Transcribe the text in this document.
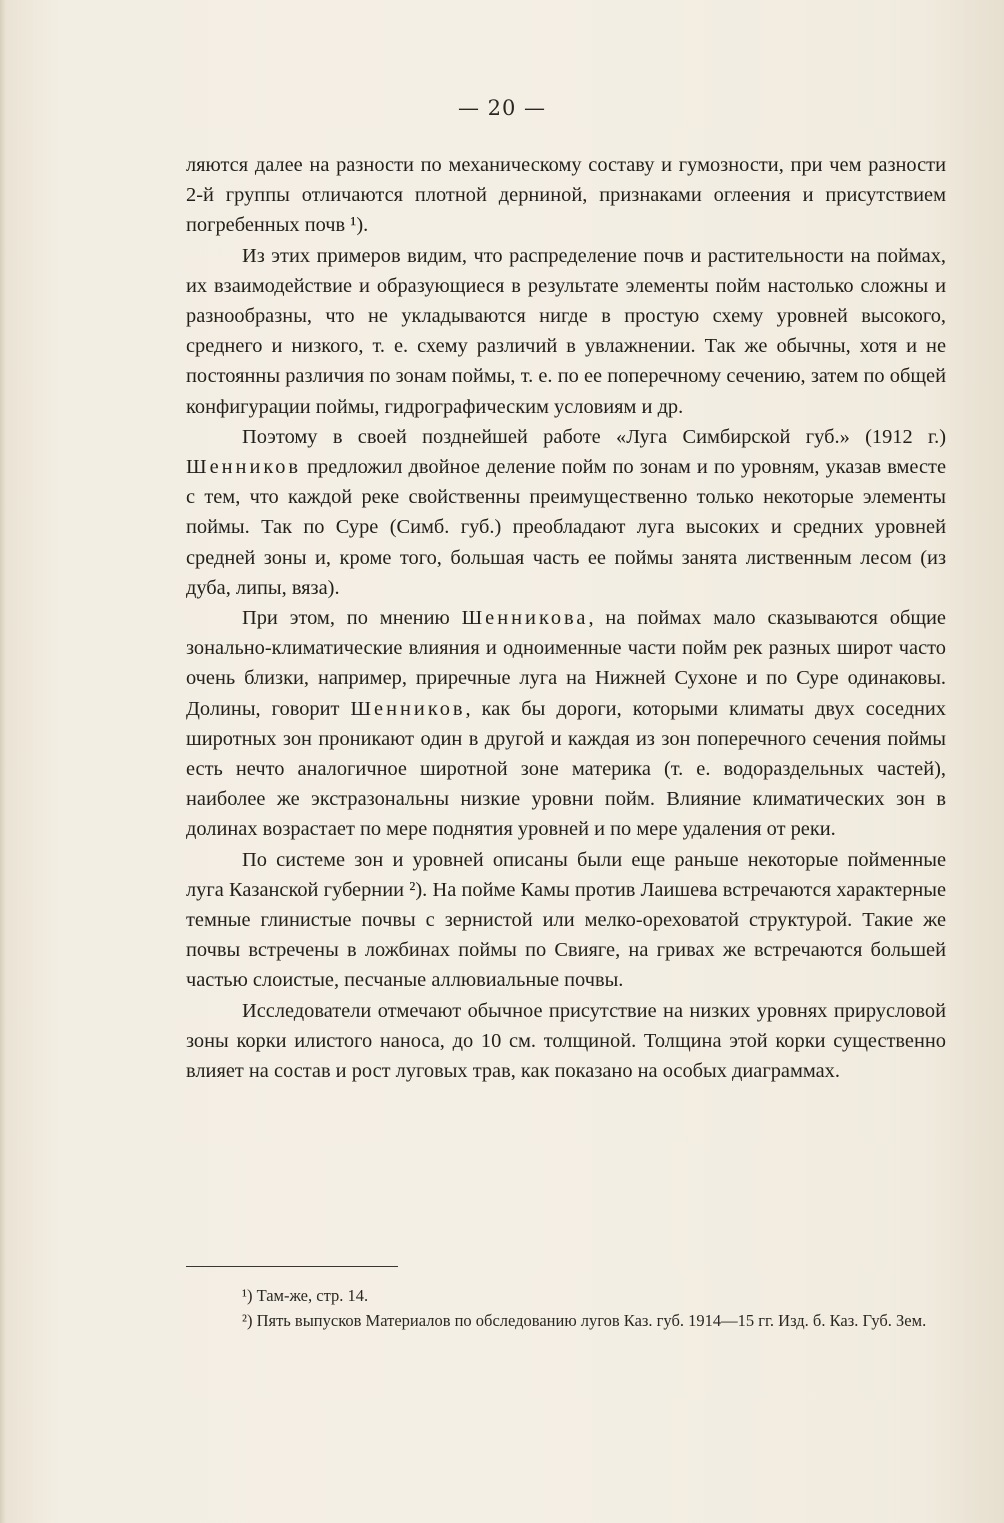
— 20 —

ляются далее на разности по механическому составу и гумозности, при чем разности 2-й группы отличаются плотной дерниной, признаками оглеения и присутствием погребенных почв ¹).

Из этих примеров видим, что распределение почв и растительности на поймах, их взаимодействие и образующиеся в результате элементы пойм настолько сложны и разнообразны, что не укладываются нигде в простую схему уровней высокого, среднего и низкого, т. е. схему различий в увлажнении. Так же обычны, хотя и не постоянны различия по зонам поймы, т. е. по ее поперечному сечению, затем по общей конфигурации поймы, гидрографическим условиям и др.

Поэтому в своей позднейшей работе «Луга Симбирской губ.» (1912 г.) Шенников предложил двойное деление пойм по зонам и по уровням, указав вместе с тем, что каждой реке свойственны преимущественно только некоторые элементы поймы. Так по Суре (Симб. губ.) преобладают луга высоких и средних уровней средней зоны и, кроме того, большая часть ее поймы занята лиственным лесом (из дуба, липы, вяза).

При этом, по мнению Шенникова, на поймах мало сказываются общие зонально-климатические влияния и одноименные части пойм рек разных широт часто очень близки, например, приречные луга на Нижней Сухоне и по Суре одинаковы. Долины, говорит Шенников, как бы дороги, которыми климаты двух соседних широтных зон проникают один в другой и каждая из зон поперечного сечения поймы есть нечто аналогичное широтной зоне материка (т. е. водораздельных частей), наиболее же экстразональны низкие уровни пойм. Влияние климатических зон в долинах возрастает по мере поднятия уровней и по мере удаления от реки.

По системе зон и уровней описаны были еще раньше некоторые пойменные луга Казанской губернии ²). На пойме Камы против Лаишева встречаются характерные темные глинистые почвы с зернистой или мелко-ореховатой структурой. Такие же почвы встречены в ложбинах поймы по Свияге, на гривах же встречаются большей частью слоистые, песчаные аллювиальные почвы.

Исследователи отмечают обычное присутствие на низких уровнях прирусловой зоны корки илистого наноса, до 10 см. толщиной. Толщина этой корки существенно влияет на состав и рост луговых трав, как показано на особых диаграммах.

¹) Там-же, стр. 14.

²) Пять выпусков Материалов по обследованию лугов Каз. губ. 1914—15 гг. Изд. б. Каз. Губ. Зем.
